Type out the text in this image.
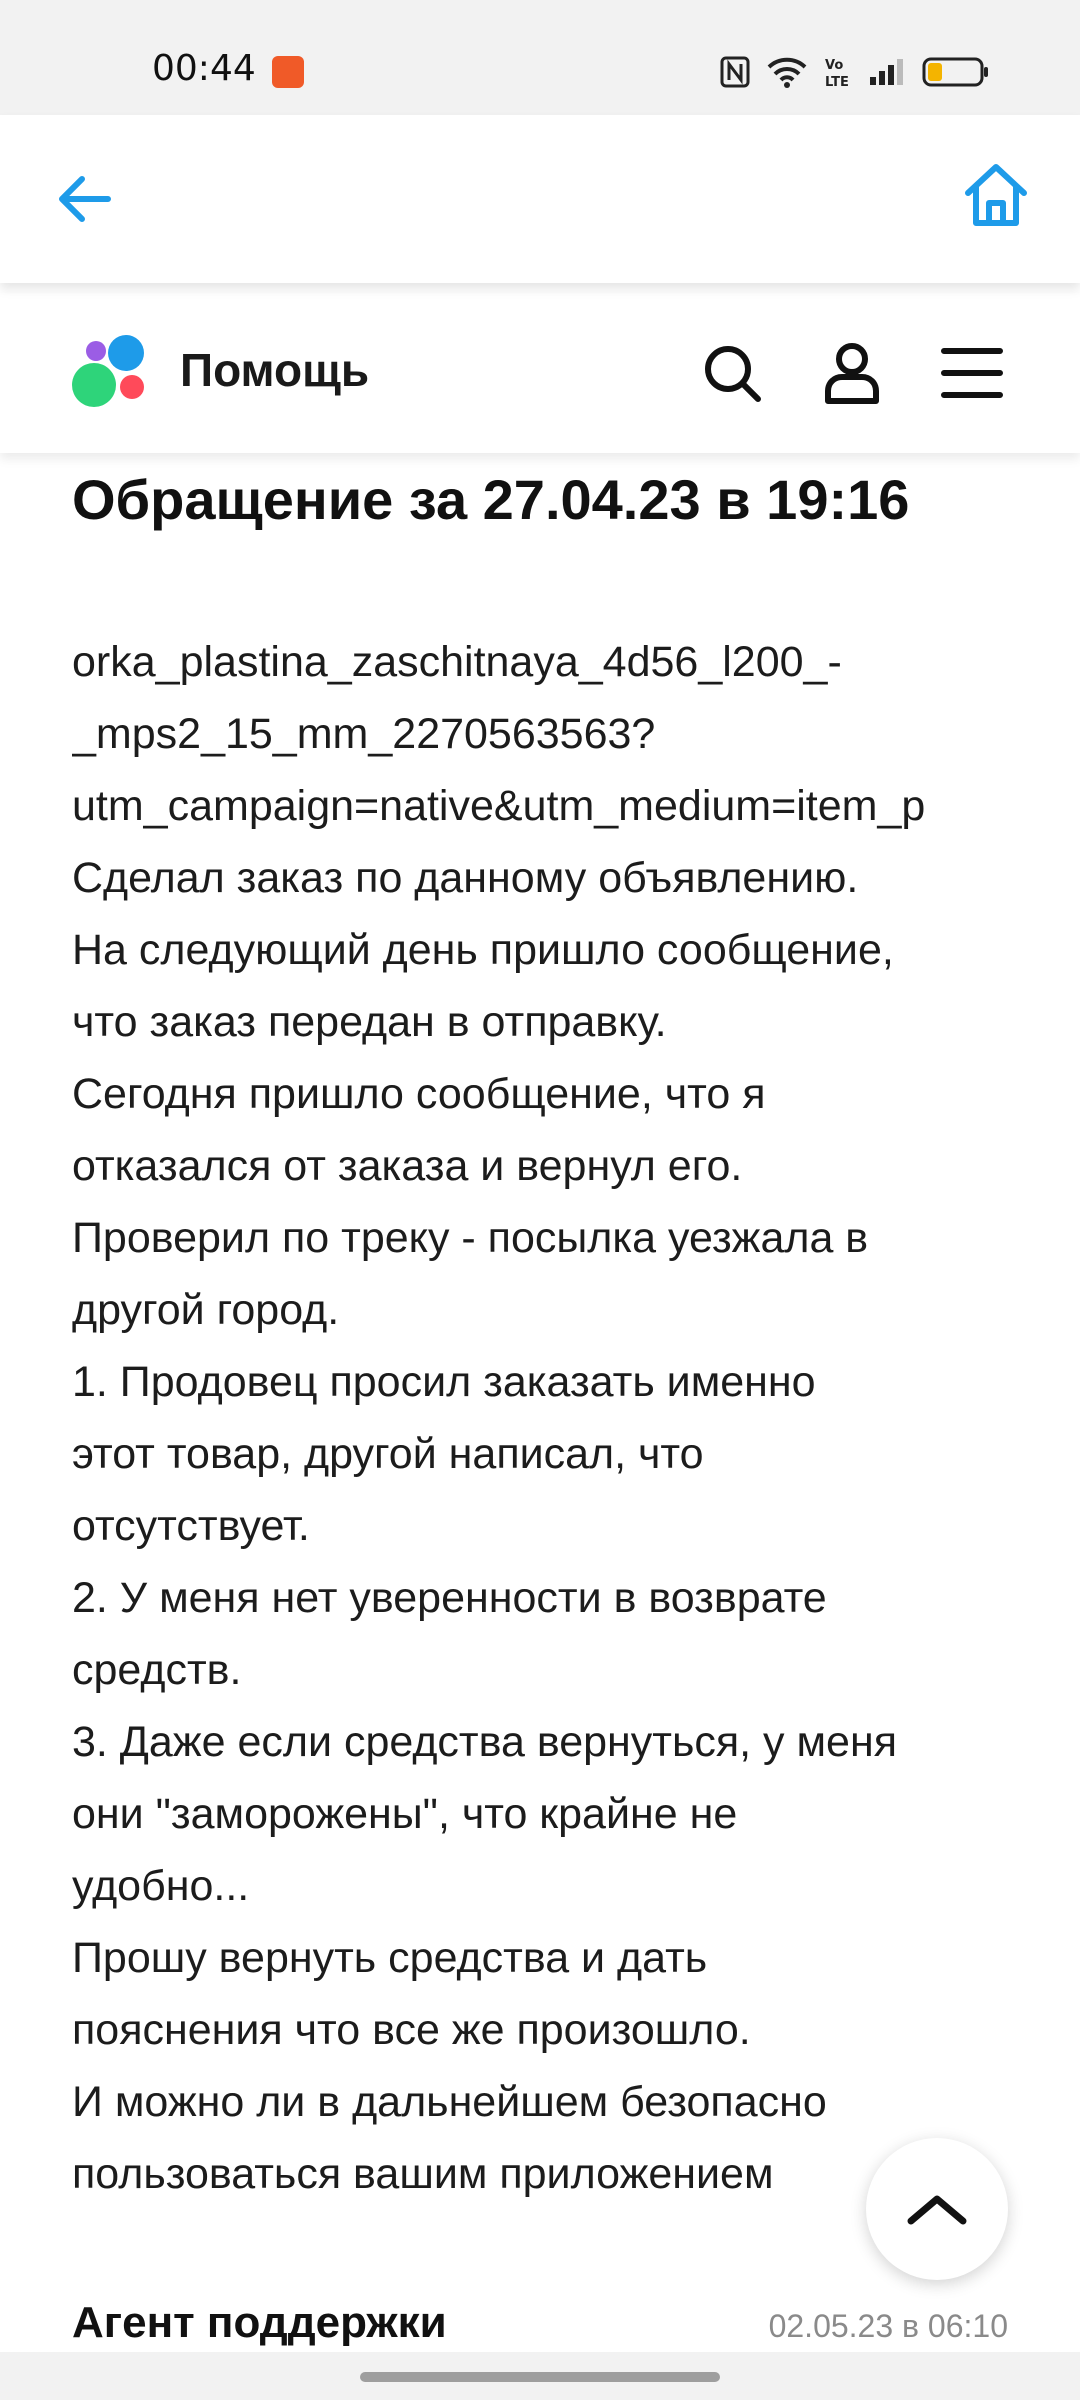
00:44	Vo
LTE
Помощь
Обращение за 27.04.23 в 19:16
orka_plastina_zaschitnaya_4d56_l200_-
_mps2_15_mm_2270563563?
utm_campaign=native&utm_medium=item_p
Сделал заказ по данному объявлению.
На следующий день пришло сообщение,
что заказ передан в отправку.
Сегодня пришло сообщение, что я
отказался от заказа и вернул его.
Проверил по треку - посылка уезжала в
другой город.
1. Продовец просил заказать именно
этот товар, другой написал, что
отсутствует.
2. У меня нет уверенности в возврате
средств.
3. Даже если средства вернуться, у меня
они "заморожены", что крайне не
удобно...
Прошу вернуть средства и дать
пояснения что все же произошло.
И можно ли в дальнейшем безопасно
пользоваться вашим приложением
Агент поддержки	02.05.23 в 06:10
